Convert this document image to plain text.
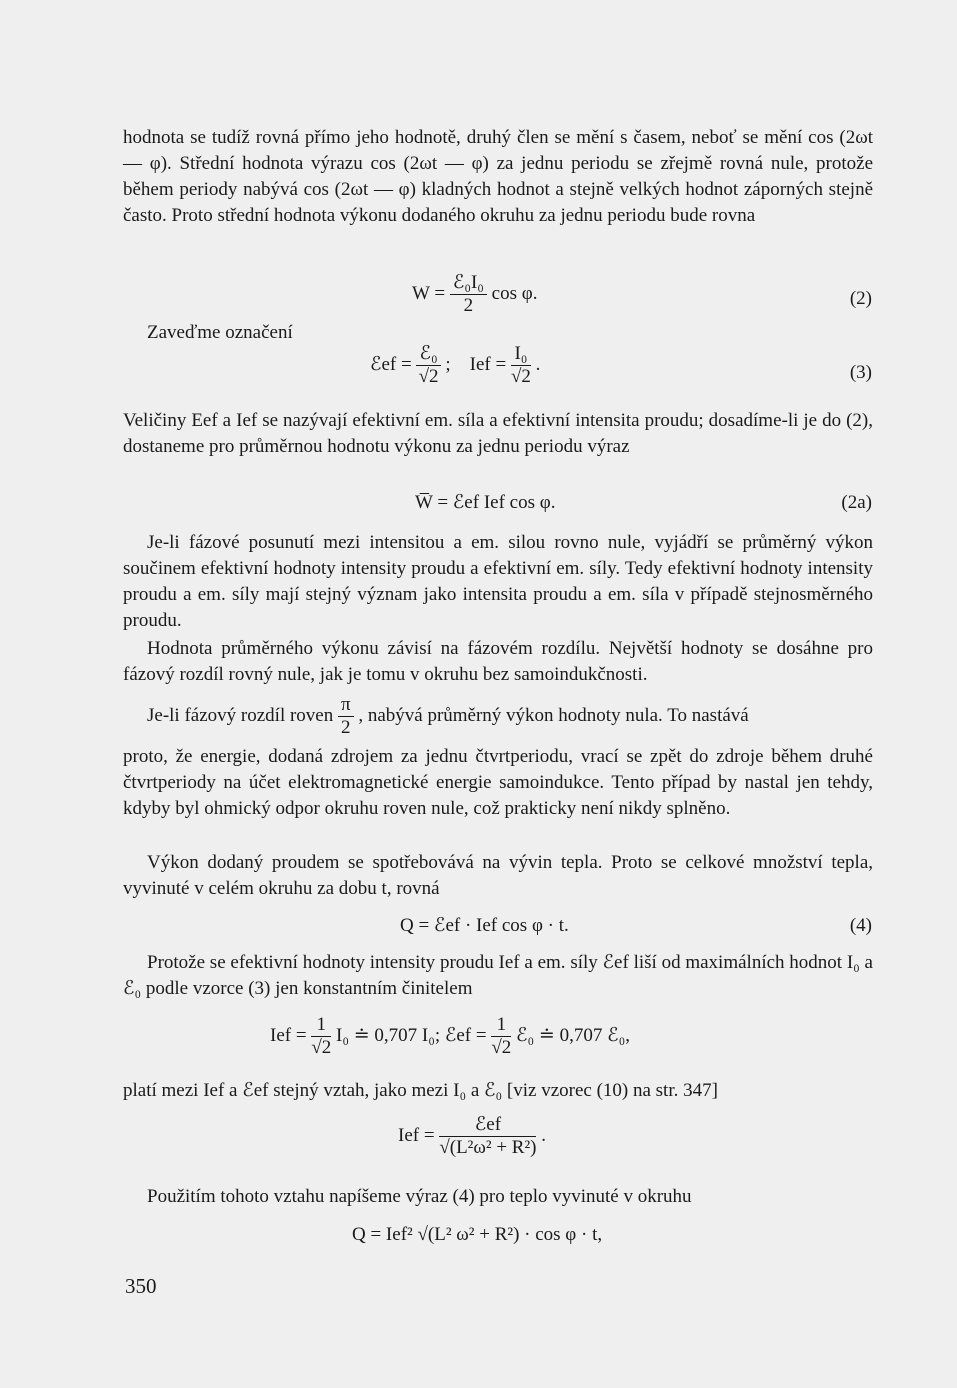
hodnota se tudíž rovná přímo jeho hodnotě, druhý člen se mění s časem, neboť se mění cos (2ωt — φ). Střední hodnota výrazu cos (2ωt — φ) za jednu periodu se zřejmě rovná nule, protože během periody nabývá cos (2ωt — φ) kladných hodnot a stejně velkých hodnot záporných stejně často. Proto střední hodnota výkonu dodaného okruhu za jednu periodu bude rovna
$W = \frac{\text{ℰ₀I₀}}{2}$ cos φ.	(2)
Zaveďme označení
ℰef = $\frac{\text{ℰ₀}}{√2}$ ; Ief = $\frac{\text{I₀}}{√2}$ .	(3)
Veličiny Eef a Ief se nazývají efektivní em. síla a efektivní intensita proudu; dosadíme-li je do (2), dostaneme pro průměrnou hodnotu výkonu za jednu periodu výraz
W̅ = ℰef Ief cos φ.	(2a)
Je-li fázové posunutí mezi intensitou a em. silou rovno nule, vyjádří se průměrný výkon součinem efektivní hodnoty intensity proudu a efektivní em. síly. Tedy efektivní hodnoty intensity proudu a em. síly mají stejný význam jako intensita proudu a em. síla v případě stejnosměrného proudu.
Hodnota průměrného výkonu závisí na fázovém rozdílu. Největší hodnoty se dosáhne pro fázový rozdíl rovný nule, jak je tomu v okruhu bez samoindukčnosti.
Je-li fázový rozdíl roven $\frac{\pi}{2}$ , nabývá průměrný výkon hodnoty nula. To nastává
proto, že energie, dodaná zdrojem za jednu čtvrtperiodu, vrací se zpět do zdroje během druhé čtvrtperiody na účet elektromagnetické energie samoindukce. Tento případ by nastal jen tehdy, kdyby byl ohmický odpor okruhu roven nule, což prakticky není nikdy splněno.
Výkon dodaný proudem se spotřebovává na vývin tepla. Proto se celkové množství tepla, vyvinuté v celém okruhu za dobu t, rovná
Q = ℰef · Ief cos φ · t.	(4)
Protože se efektivní hodnoty intensity proudu Ief a em. síly ℰef liší od maximálních hodnot I₀ a ℰ₀ podle vzorce (3) jen konstantním činitelem
Ief = $\frac{1}{√2} I_0$ ≐ 0,707 I₀; ℰef = $\frac{1}{√2}$ ℰ₀ ≐ 0,707 ℰ₀,
platí mezi Ief a ℰef stejný vztah, jako mezi I₀ a ℰ₀ [viz vzorec (10) na str. 347]
Ief = $\frac{\text{ℰef}}{\text{√(L²ω² + R²)}}$ .
Použitím tohoto vztahu napíšeme výraz (4) pro teplo vyvinuté v okruhu
Q = Ief² √(L² ω² + R²) · cos φ · t,
350
